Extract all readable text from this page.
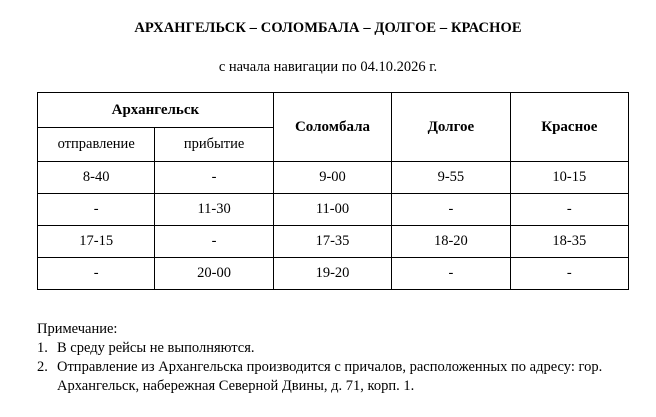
АРХАНГЕЛЬСК – СОЛОМБАЛА – ДОЛГОЕ – КРАСНОЕ
с начала навигации по 04.10.2026 г.
Архангельск		Соломбала	Долгое	Красное
отправление	прибытие			
8-40	-	9-00	9-55	10-15
-	11-30	11-00	-	-
17-15	-	17-35	18-20	18-35
-	20-00	19-20	-	-
Примечание:
1. В среду рейсы не выполняются.
2. Отправление из Архангельска производится с причалов, расположенных по адресу: гор. Архангельск, набережная Северной Двины, д. 71, корп. 1.
